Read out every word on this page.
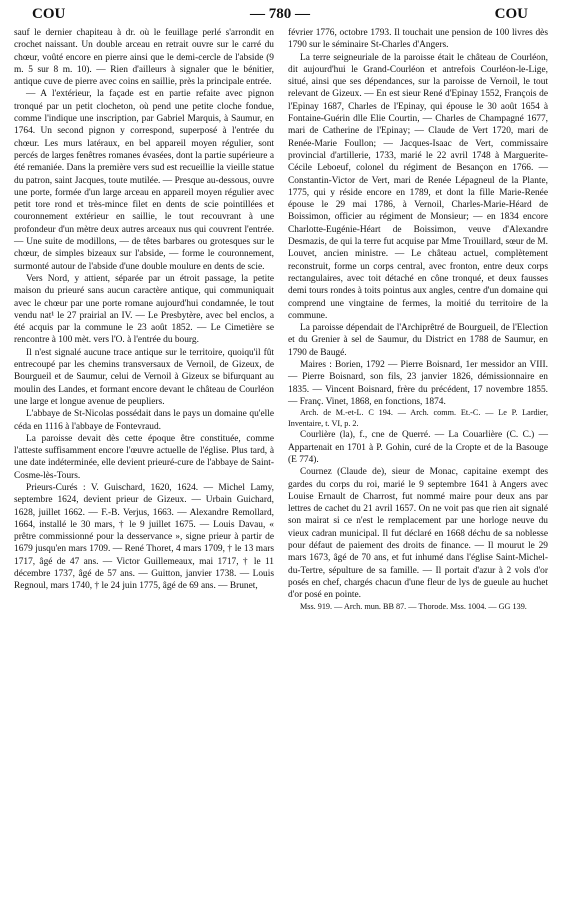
COU	— 780 —	COU

sauf le dernier chapiteau à dr. où le feuillage perlé s'arrondit en crochet naissant. Un double arceau en retrait ouvre sur le carré du chœur, voûté encore en pierre ainsi que le demi-cercle de l'abside (9 m. 5 sur 8 m. 10). — Rien d'ailleurs à signaler que le bénitier, antique cuve de pierre avec coins en saillie, près la principale entrée.

— A l'extérieur, la façade est en partie refaite avec pignon tronqué par un petit clocheton, où pend une petite cloche fondue, comme l'indique une inscription, par Gabriel Marquis, à Saumur, en 1764. Un second pignon y correspond, superposé à l'entrée du chœur. Les murs latéraux, en bel appareil moyen régulier, sont percés de larges fenêtres romanes évasées, dont la partie supérieure a été remaniée. Dans la première vers sud est recueillie la vieille statue du patron, saint Jacques, toute mutilée. — Presque au-dessous, ouvre une porte, formée d'un large arceau en appareil moyen régulier avec petit tore rond et très-mince filet en dents de scie pointillées et couronnement extérieur en saillie, le tout recouvrant à une profondeur d'un mètre deux autres arceaux nus qui couvrent l'entrée. — Une suite de modillons, — de têtes barbares ou grotesques sur le chœur, de simples bizeaux sur l'abside, — forme le couronnement, surmonté autour de l'abside d'une double moulure en dents de scie.

Vers Nord, y attient, séparée par un étroit passage, la petite maison du prieuré sans aucun caractère antique, qui communiquait avec le chœur par une porte romane aujourd'hui condamnée, le tout vendu nat¹ le 27 prairial an IV. — Le Presbytère, avec bel enclos, a été acquis par la commune le 23 août 1852. — Le Cimetière se rencontre à 100 mèt. vers l'O. à l'entrée du bourg.

Il n'est signalé aucune trace antique sur le territoire, quoiqu'il fût entrecoupé par les chemins transversaux de Vernoil, de Gizeux, de Bourgueil et de Saumur, celui de Vernoil à Gizeux se bifurquant au moulin des Landes, et formant encore devant le château de Courléon une large et longue avenue de peupliers.

L'abbaye de St-Nicolas possédait dans le pays un domaine qu'elle céda en 1116 à l'abbaye de Fontevraud.

La paroisse devait dès cette époque être constituée, comme l'atteste suffisamment encore l'œuvre actuelle de l'église. Plus tard, à une date indéterminée, elle devient prieuré-cure de l'abbaye de Saint-Cosme-lès-Tours.

Prieurs-Curés : V. Guischard, 1620, 1624. — Michel Lamy, septembre 1624, devient prieur de Gizeux. — Urbain Guichard, 1628, juillet 1662. — F.-B. Verjus, 1663. — Alexandre Remollard, 1664, installé le 30 mars, † le 9 juillet 1675. — Louis Davau, « prêtre commissionné pour la desservance », signe prieur à partir de 1679 jusqu'en mars 1709. — René Thoret, 4 mars 1709, † le 13 mars 1717, âgé de 47 ans. — Victor Guillemeaux, mai 1717, † le 11 décembre 1737, âgé de 57 ans. — Guitton, janvier 1738. — Louis Regnoul, mars 1740, † le 24 juin 1775, âgé de 69 ans. — Brunet,

février 1776, octobre 1793. Il touchait une pension de 100 livres dès 1790 sur le séminaire St-Charles d'Angers.

La terre seigneuriale de la paroisse était le château de Courléon, dit aujourd'hui le Grand-Courléon et antrefois Courléon-le-Lige, situé, ainsi que ses dépendances, sur la paroisse de Vernoil, le tout relevant de Gizeux. — En est sieur René d'Epinay 1552, François de l'Epinay 1687, Charles de l'Epinay, qui épouse le 30 août 1654 à Fontaine-Guérin dlle Elie Courtin, — Charles de Champagné 1677, mari de Catherine de l'Epinay; — Claude de Vert 1720, mari de Renée-Marie Foullon; — Jacques-Isaac de Vert, commissaire provincial d'artillerie, 1733, marié le 22 avril 1748 à Marguerite-Cécile Leboeuf, colonel du régiment de Besançon en 1766. — Constantin-Victor de Vert, mari de Renée Lépagneul de la Plante, 1775, qui y réside encore en 1789, et dont la fille Marie-Renée épouse le 29 mai 1786, à Vernoil, Charles-Marie-Héard de Boissimon, officier au régiment de Monsieur; — en 1834 encore Charlotte-Eugénie-Héart de Boissimon, veuve d'Alexandre Desmazis, de qui la terre fut acquise par Mme Trouillard, sœur de M. Louvet, ancien ministre. — Le château actuel, complètement reconstruit, forme un corps central, avec fronton, entre deux corps rectangulaires, avec toit détaché en cône tronqué, et deux fausses demi tours rondes à toits pointus aux angles, centre d'un domaine qui comprend une vingtaine de fermes, la moitié du territoire de la commune.

La paroisse dépendait de l'Archiprêtré de Bourgueil, de l'Election et du Grenier à sel de Saumur, du District en 1788 de Saumur, en 1790 de Baugé.

Maires : Borien, 1792 — Pierre Boisnard, 1er messidor an VIII. — Pierre Boisnard, son fils, 23 janvier 1826, démissionnaire en 1835. — Vincent Boisnard, frère du précédent, 17 novembre 1855. — Franç. Vinet, 1868, en fonctions, 1874.

Arch. de M.-et-L. C 194. — Arch. comm. Et.-C. — Le P. Lardier, Inventaire, t. VI, p. 2.

Courlière (la), f., cne de Querré. — La Couarlière (C. C.) — Appartenait en 1701 à P. Gohin, curé de la Cropte et de la Basouge (E 774).

Cournez (Claude de), sieur de Monac, capitaine exempt des gardes du corps du roi, marié le 9 septembre 1641 à Angers avec Louise Ernault de Charrost, fut nommé maire pour deux ans par lettres de cachet du 21 avril 1657. On ne voit pas que rien ait signalé son mairat si ce n'est le remplacement par une horloge neuve du vieux cadran municipal. Il fut déclaré en 1668 déchu de sa noblesse pour défaut de paiement des droits de finance. — Il mourut le 29 mars 1673, âgé de 70 ans, et fut inhumé dans l'église Saint-Michel-du-Tertre, sépulture de sa famille. — Il portait d'azur à 2 vols d'or posés en chef, chargés chacun d'une fleur de lys de gueule au huchet d'or posé en pointe.

Mss. 919. — Arch. mun. BB 87. — Thorode. Mss. 1004. — GG 139.
